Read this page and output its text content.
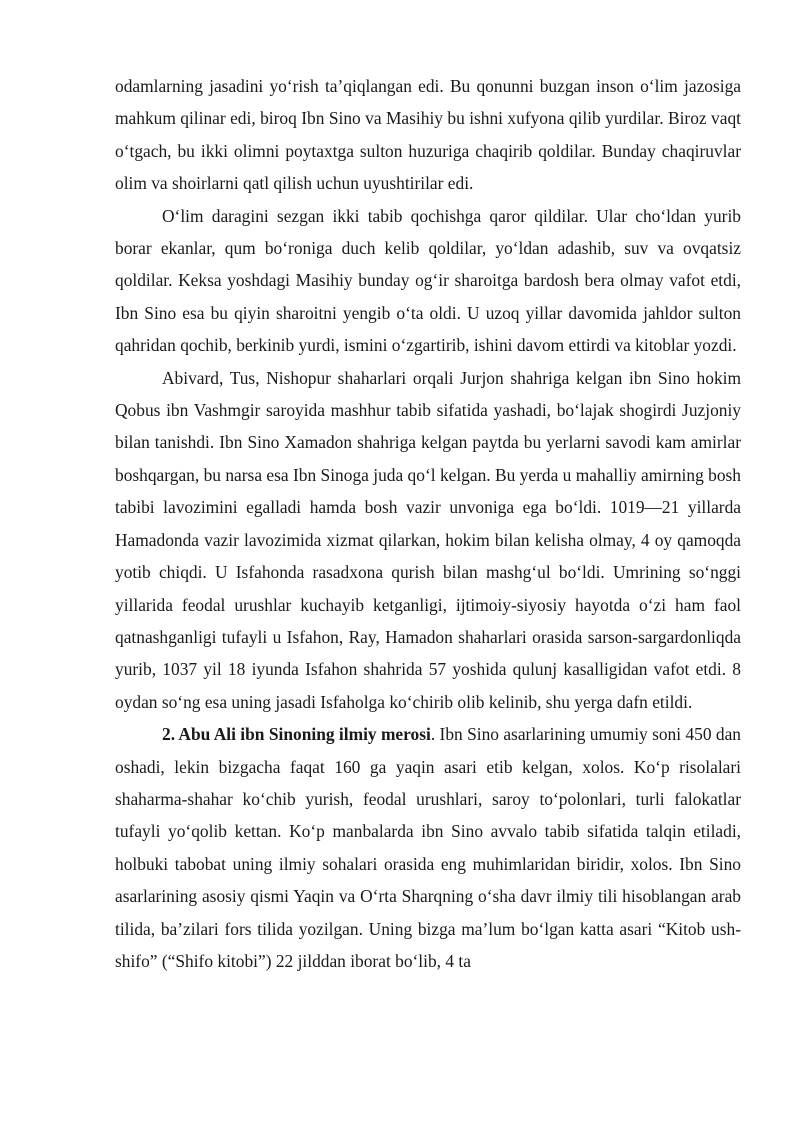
odamlarning jasadini yo‘rish ta’qiqlangan edi. Bu qonunni buzgan inson o‘lim jazosiga mahkum qilinar edi, biroq Ibn Sino va Masihiy bu ishni xufyona qilib yurdilar. Biroz vaqt o‘tgach, bu ikki olimni poytaxtga sulton huzuriga chaqirib qoldilar. Bunday chaqiruvlar olim va shoirlarni qatl qilish uchun uyushtirilar edi.

O‘lim daragini sezgan ikki tabib qochishga qaror qildilar. Ular cho‘ldan yurib borar ekanlar, qum bo‘roniga duch kelib qoldilar, yo‘ldan adashib, suv va ovqatsiz qoldilar. Keksa yoshdagi Masihiy bunday og‘ir sharoitga bardosh bera olmay vafot etdi, Ibn Sino esa bu qiyin sharoitni yengib o‘ta oldi. U uzoq yillar davomida jahldor sulton qahridan qochib, berkinib yurdi, ismini o‘zgartirib, ishini davom ettirdi va kitoblar yozdi.

Abivard, Tus, Nishopur shaharlari orqali Jurjon shahriga kelgan ibn Sino hokim Qobus ibn Vashmgir saroyida mashhur tabib sifatida yashadi, bo‘lajak shogirdi Juzjoniy bilan tanishdi. Ibn Sino Xamadon shahriga kelgan paytda bu yerlarni savodi kam amirlar boshqargan, bu narsa esa Ibn Sinoga juda qo‘l kelgan. Bu yerda u mahalliy amirning bosh tabibi lavozimini egalladi hamda bosh vazir unvoniga ega bo‘ldi. 1019—21 yillarda Hamadonda vazir lavozimida xizmat qilarkan, hokim bilan kelisha olmay, 4 oy qamoqda yotib chiqdi. U Isfahonda rasadxona qurish bilan mashg‘ul bo‘ldi. Umrining so‘nggi yillarida feodal urushlar kuchayib ketganligi, ijtimoiy-siyosiy hayotda o‘zi ham faol qatnashganligi tufayli u Isfahon, Ray, Hamadon shaharlari orasida sarson-sargardonliqda yurib, 1037 yil 18 iyunda Isfahon shahrida 57 yoshida qulunj kasalligidan vafot etdi. 8 oydan so‘ng esa uning jasadi Isfaholga ko‘chirib olib kelinib, shu yerga dafn etildi.

2. Abu Ali ibn Sinoning ilmiy merosi. Ibn Sino asarlarining umumiy soni 450 dan oshadi, lekin bizgacha faqat 160 ga yaqin asari etib kelgan, xolos. Ko‘p risolalari shaharma-shahar ko‘chib yurish, feodal urushlari, saroy to‘polonlari, turli falokatlar tufayli yo‘qolib kettan. Ko‘p manbalarda ibn Sino avvalo tabib sifatida talqin etiladi, holbuki tabobat uning ilmiy sohalari orasida eng muhimlaridan biridir, xolos. Ibn Sino asarlarining asosiy qismi Yaqin va O‘rta Sharqning o‘sha davr ilmiy tili hisoblangan arab tilida, ba’zilari fors tilida yozilgan. Uning bizga ma’lum bo‘lgan katta asari “Kitob ush-shifo” (“Shifo kitobi”) 22 jilddan iborat bo‘lib, 4 ta
